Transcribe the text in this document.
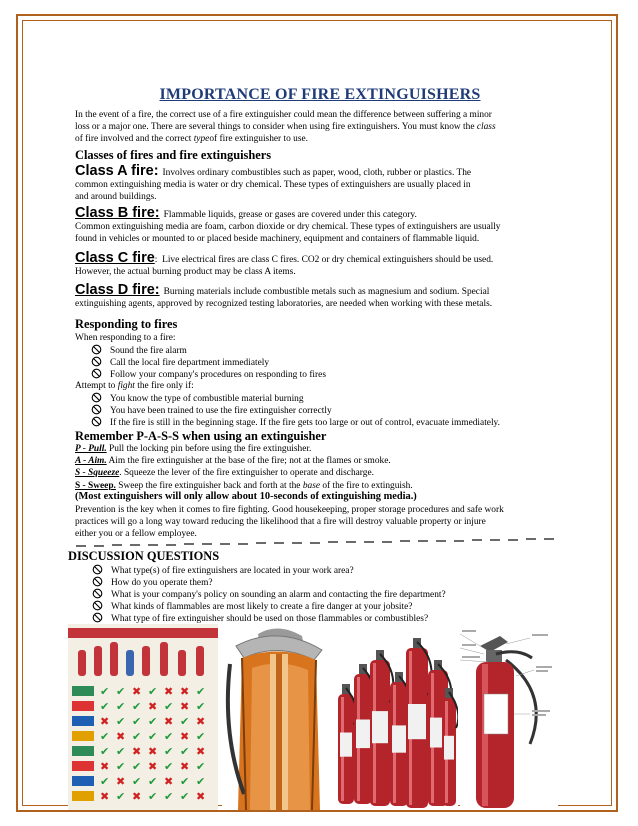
IMPORTANCE OF FIRE EXTINGUISHERS
In the event of a fire, the correct use of a fire extinguisher could mean the difference between suffering a minor
loss or a major one. There are several things to consider when using fire extinguishers. You must know the class
of fire involved and the correct typeof fire extinguisher to use.
Classes of fires and fire extinguishers
Class A fire: Involves ordinary combustibles such as paper, wood, cloth, rubber or plastics. The
common extinguishing media is water or dry chemical. These types of extinguishers are usually placed in
and around buildings.
Class B fire: Flammable liquids, grease or gases are covered under this category.
Common extinguishing media are foam, carbon dioxide or dry chemical. These types of extinguishers are usually
found in vehicles or mounted to or placed beside machinery, equipment and containers of flammable liquid.
Class C fire: Live electrical fires are class C fires. CO2 or dry chemical extinguishers should be used.
However, the actual burning product may be class A items.
Class D fire: Burning materials include combustible metals such as magnesium and sodium. Special
extinguishing agents, approved by recognized testing laboratories, are needed when working with these metals.
Responding to fires
When responding to a fire:
Sound the fire alarm
Call the local fire department immediately
Follow your company's procedures on responding to fires
Attempt to fight the fire only if:
You know the type of combustible material burning
You have been trained to use the fire extinguisher correctly
If the fire is still in the beginning stage. If the fire gets too large or out of control, evacuate immediately.
Remember P-A-S-S when using an extinguisher
P - Pull. Pull the locking pin before using the fire extinguisher.
A - Aim. Aim the fire extinguisher at the base of the fire; not at the flames or smoke.
S - Squeeze. Squeeze the lever of the fire extinguisher to operate and discharge.
S - Sweep. Sweep the fire extinguisher back and forth at the base of the fire to extinguish.
(Most extinguishers will only allow about 10-seconds of extinguishing media.)
Prevention is the key when it comes to fire fighting. Good housekeeping, proper storage procedures and safe work
practices will go a long way toward reducing the likelihood that a fire will destroy valuable property or injure
either you or a fellow employee.
DISCUSSION QUESTIONS
What type(s) of fire extinguishers are located in your work area?
How do you operate them?
What is your company's policy on sounding an alarm and contacting the fire department?
What kinds of flammables are most likely to create a fire danger at your jobsite?
What type of fire extinguisher should be used on those flammables or combustibles?
✔ ✔ ✖ ✔ ✖ ✖ ✔
✔ ✔ ✔ ✖ ✔ ✖ ✔
✖ ✔ ✔ ✔ ✖ ✔ ✖
✔ ✖ ✔ ✔ ✔ ✖ ✔
✔ ✔ ✖ ✖ ✔ ✔ ✖
✖ ✔ ✔ ✖ ✔ ✖ ✔
✔ ✖ ✔ ✔ ✖ ✔ ✔
✖ ✔ ✖ ✔ ✔ ✔ ✖
